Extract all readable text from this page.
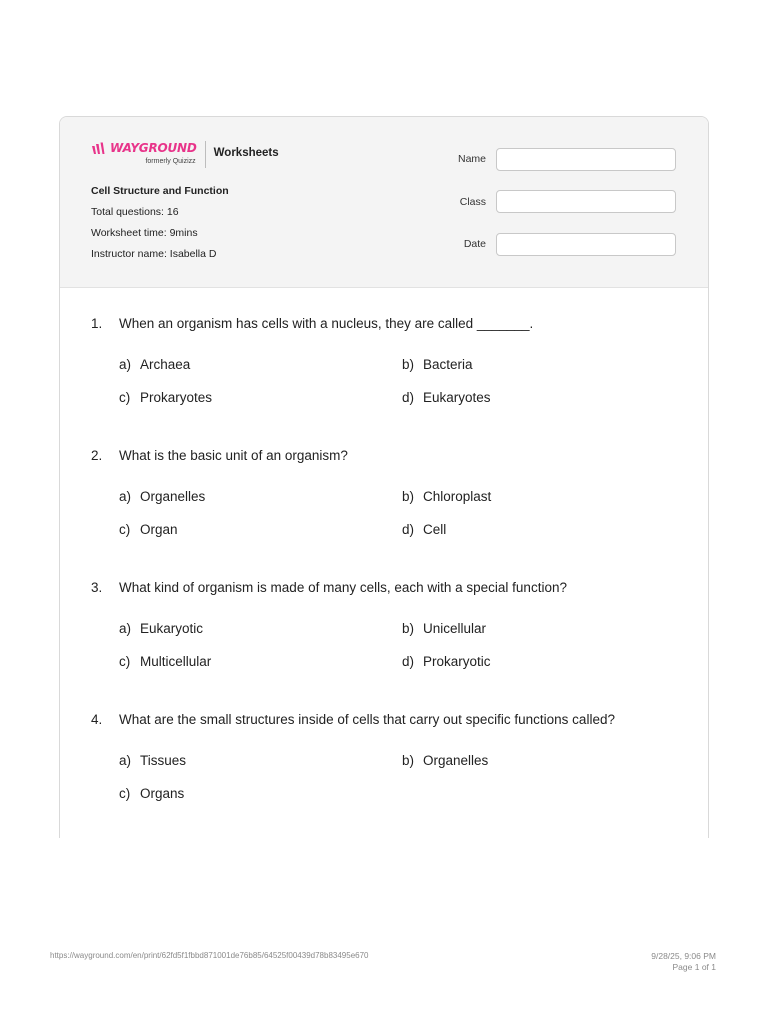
WAYGROUND
formerly Quizizz
Worksheets
Cell Structure and Function
Total questions: 16
Worksheet time: 9mins
Instructor name: Isabella D
Name
Class
Date
1.	When an organism has cells with a nucleus, they are called _______.
a) Archaea	b) Bacteria
c) Prokaryotes	d) Eukaryotes
2.	What is the basic unit of an organism?
a) Organelles	b) Chloroplast
c) Organ	d) Cell
3.	What kind of organism is made of many cells, each with a special function?
a) Eukaryotic	b) Unicellular
c) Multicellular	d) Prokaryotic
4.	What are the small structures inside of cells that carry out specific functions called?
a) Tissues	b) Organelles
c) Organs
https://wayground.com/en/print/62fd5f1fbbd871001de76b85/64525f00439d78b83495e670	9/28/25, 9:06 PM
Page 1 of 1
